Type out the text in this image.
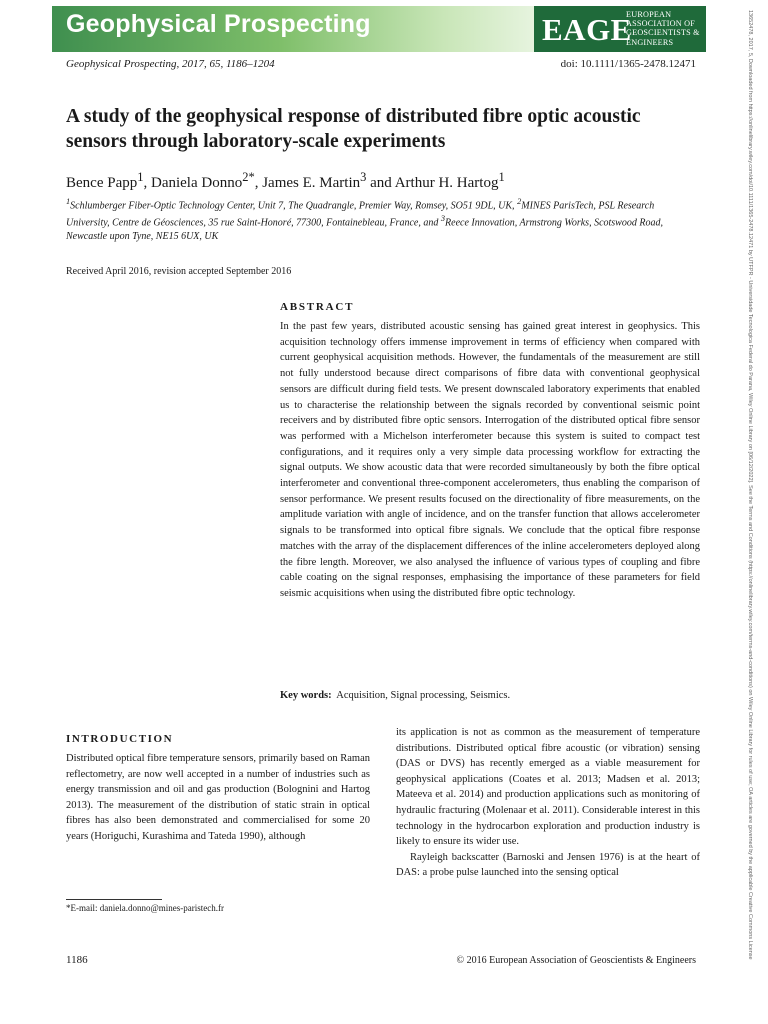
Geophysical Prospecting	EAGE
EUROPEAN
ASSOCIATION OF
GEOSCIENTISTS &
ENGINEERS
Geophysical Prospecting, 2017, 65, 1186–1204	doi: 10.1111/1365-2478.12471	13652478, 2017, 5, Downloaded from https://onlinelibrary.wiley.com/doi/10.1111/1365-2478.12471 by UTFPR - Universidade Tecnologica Federal do Parana, Wiley Online Library on [06/12/2022]. See the Terms and Conditions (https://onlinelibrary.wiley.com/terms-and-conditions) on Wiley Online Library for rules of use; OA articles are governed by the applicable Creative Commons License
A study of the geophysical response of distributed fibre optic acoustic
sensors through laboratory-scale experiments
Bence Papp$^1$, Daniela Donno$^{2*}$, James E. Martin$^3$ and Arthur H. Hartog$^1$
$^1$Schlumberger Fiber-Optic Technology Center, Unit 7, The Quadrangle, Premier Way, Romsey, SO51 9DL, UK, $^2$MINES ParisTech, PSL Research University, Centre de Géosciences, 35 rue Saint-Honoré, 77300, Fontainebleau, France, and $^3$Reece Innovation, Armstrong Works, Scotswood Road, Newcastle upon Tyne, NE15 6UX, UK
Received April 2016, revision accepted September 2016
ABSTRACT
In the past few years, distributed acoustic sensing has gained great interest in geophysics. This acquisition technology offers immense improvement in terms of efficiency when compared with current geophysical acquisition methods. However, the fundamentals of the measurement are still not fully understood because direct comparisons of fibre data with conventional geophysical sensors are difficult during field tests. We present downscaled laboratory experiments that enabled us to characterise the relationship between the signals recorded by conventional seismic point receivers and by distributed fibre optic sensors. Interrogation of the distributed optical fibre sensor was performed with a Michelson interferometer because this system is suited to compact test configurations, and it requires only a very simple data processing workflow for extracting the signal outputs. We show acoustic data that were recorded simultaneously by both the fibre optical interferometer and conventional three-component accelerometers, thus enabling the comparison of sensor performance. We present results focused on the directionality of fibre measurements, on the amplitude variation with angle of incidence, and on the transfer function that allows accelerometer signals to be transformed into optical fibre signals. We conclude that the optical fibre response matches with the array of the displacement differences of the inline accelerometers deployed along the fibre length. Moreover, we also analysed the influence of various types of coupling and fibre cable coating on the signal responses, emphasising the importance of these parameters for field seismic acquisitions when using the distributed fibre optic technology.
Key words: Acquisition, Signal processing, Seismics.
INTRODUCTION

Distributed optical fibre temperature sensors, primarily based on Raman reflectometry, are now well accepted in a number of industries such as energy transmission and oil and gas production (Bolognini and Hartog 2013). The measurement of the distribution of static strain in optical fibres has also been demonstrated and commercialised for some 20 years (Horiguchi, Kurashima and Tateda 1990), although

its application is not as common as the measurement of temperature distributions. Distributed optical fibre acoustic (or vibration) sensing (DAS or DVS) has recently emerged as a viable measurement for geophysical applications (Coates et al. 2013; Madsen et al. 2013; Mateeva et al. 2014) and production applications such as monitoring of hydraulic fracturing (Molenaar et al. 2011). Considerable interest in this technology in the hydrocarbon exploration and production industry is likely to ensure its wider use.

Rayleigh backscatter (Barnoski and Jensen 1976) is at the heart of DAS: a probe pulse launched into the sensing optical

*E-mail: daniela.donno@mines-paristech.fr
1186	© 2016 European Association of Geoscientists & Engineers
